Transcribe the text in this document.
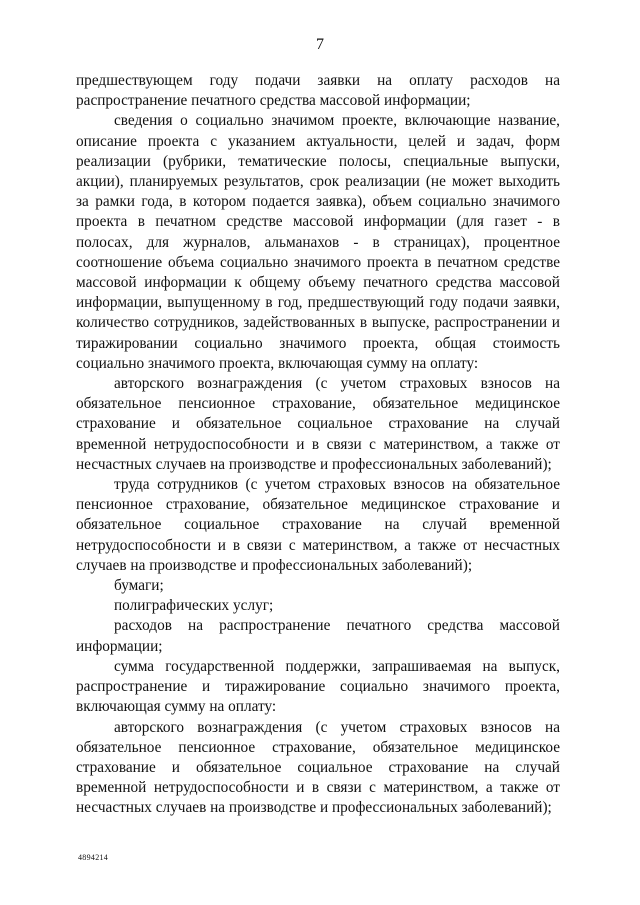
7

предшествующем году подачи заявки на оплату расходов на распространение печатного средства массовой информации;

сведения о социально значимом проекте, включающие название, описание проекта с указанием актуальности, целей и задач, форм реализации (рубрики, тематические полосы, специальные выпуски, акции), планируемых результатов, срок реализации (не может выходить за рамки года, в котором подается заявка), объем социально значимого проекта в печатном средстве массовой информации (для газет - в полосах, для журналов, альманахов - в страницах), процентное соотношение объема социально значимого проекта в печатном средстве массовой информации к общему объему печатного средства массовой информации, выпущенному в год, предшествующий году подачи заявки, количество сотрудников, задействованных в выпуске, распространении и тиражировании социально значимого проекта, общая стоимость социально значимого проекта, включающая сумму на оплату:

авторского вознаграждения (с учетом страховых взносов на обязательное пенсионное страхование, обязательное медицинское страхование и обязательное социальное страхование на случай временной нетрудоспособности и в связи с материнством, а также от несчастных случаев на производстве и профессиональных заболеваний);

труда сотрудников (с учетом страховых взносов на обязательное пенсионное страхование, обязательное медицинское страхование и обязательное социальное страхование на случай временной нетрудоспособности и в связи с материнством, а также от несчастных случаев на производстве и профессиональных заболеваний);

бумаги;

полиграфических услуг;

расходов на распространение печатного средства массовой информации;

сумма государственной поддержки, запрашиваемая на выпуск, распространение и тиражирование социально значимого проекта, включающая сумму на оплату:

авторского вознаграждения (с учетом страховых взносов на обязательное пенсионное страхование, обязательное медицинское страхование и обязательное социальное страхование на случай временной нетрудоспособности и в связи с материнством, а также от несчастных случаев на производстве и профессиональных заболеваний);

4894214
